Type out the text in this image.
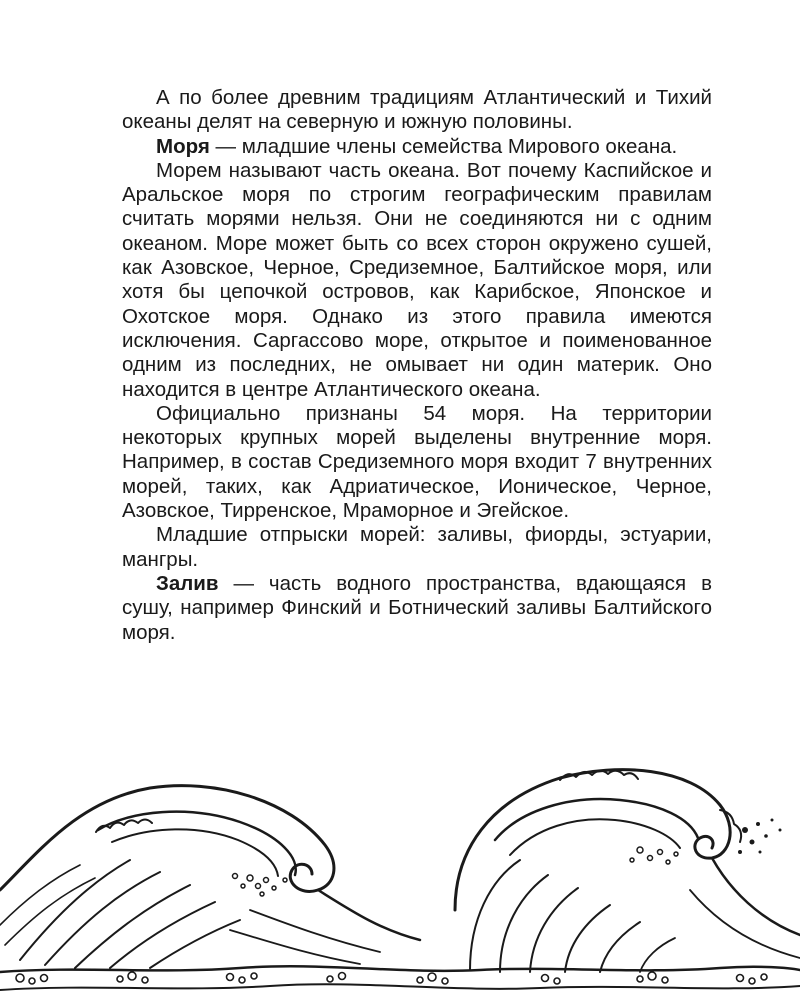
А по более древним традициям Атлантический и Тихий океаны делят на северную и южную половины.

Моря — младшие члены семейства Мирового океана.

Морем называют часть океана. Вот почему Каспийское и Аральское моря по строгим географическим правилам считать морями нельзя. Они не соединяются ни с одним океаном. Море может быть со всех сторон окружено сушей, как Азовское, Черное, Средиземное, Балтийское моря, или хотя бы цепочкой островов, как Карибское, Японское и Охотское моря. Однако из этого правила имеются исключения. Саргассово море, открытое и поименованное одним из последних, не омывает ни один материк. Оно находится в центре Атлантического океана.

Официально признаны 54 моря. На территории некоторых крупных морей выделены внутренние моря. Например, в состав Средиземного моря входит 7 внутренних морей, таких, как Адриатическое, Ионическое, Черное, Азовское, Тирренское, Мраморное и Эгейское.

Младшие отпрыски морей: заливы, фиорды, эстуарии, мангры.

Залив — часть водного пространства, вдающаяся в сушу, например Финский и Ботнический заливы Балтийского моря.
